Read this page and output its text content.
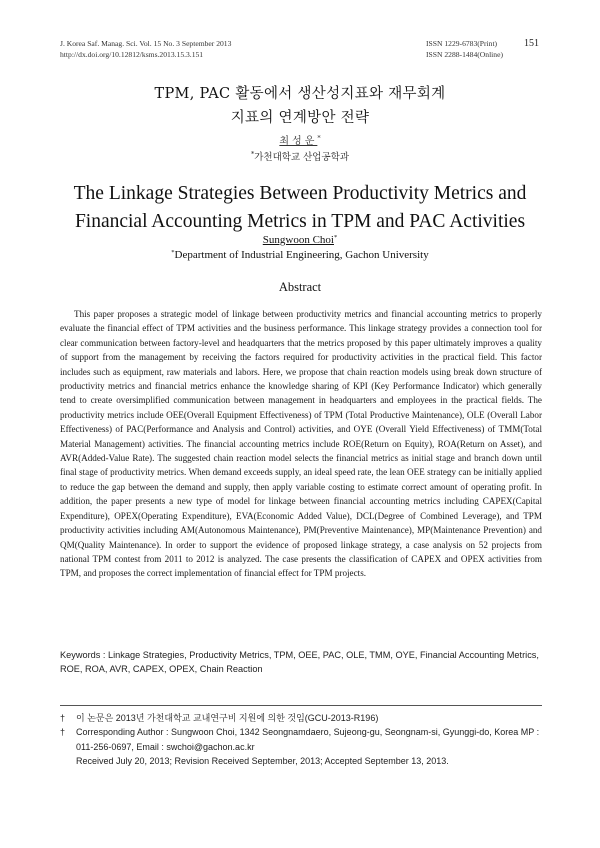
J. Korea Saf. Manag. Sci. Vol. 15 No. 3 September 2013
http://dx.doi.org/10.12812/ksms.2013.15.3.151
ISSN 1229-6783(Print)
ISSN 2288-1484(Online)
151
TPM, PAC 활동에서 생산성지표와 재무회계
지표의 연계방안 전략
최성운*
*가천대학교 산업공학과
The Linkage Strategies Between Productivity Metrics and
Financial Accounting Metrics in TPM and PAC Activities
Sungwoon Choi*
*Department of Industrial Engineering, Gachon University
Abstract

This paper proposes a strategic model of linkage between productivity metrics and financial accounting metrics to properly evaluate the financial effect of TPM activities and the business performance. This linkage strategy provides a connection tool for clear communication between factory-level and headquarters that the metrics proposed by this paper ultimately improves a quality of support from the management by receiving the factors required for productivity activities in the practical field. This factor includes such as equipment, raw materials and labors. Here, we propose that chain reaction models using break down structure of productivity metrics and financial metrics enhance the knowledge sharing of KPI (Key Performance Indicator) which generally tend to create oversimplified communication between management in headquarters and employees in the practical fields. The productivity metrics include OEE(Overall Equipment Effectiveness) of TPM (Total Productive Maintenance), OLE (Overall Labor Effectiveness) of PAC(Performance and Analysis and Control) activities, and OYE (Overall Yield Effectiveness) of TMM(Total Material Management) activities. The financial accounting metrics include ROE(Return on Equity), ROA(Return on Asset), and AVR(Added-Value Rate). The suggested chain reaction model selects the financial metrics as initial stage and branch down until final stage of productivity metrics. When demand exceeds supply, an ideal speed rate, the lean OEE strategy can be initially applied to reduce the gap between the demand and supply, then apply variable costing to estimate correct amount of operating profit. In addition, the paper presents a new type of model for linkage between financial accounting metrics including CAPEX(Capital Expenditure), OPEX(Operating Expenditure), EVA(Economic Added Value), DCL(Degree of Combined Leverage), and TPM productivity activities including AM(Autonomous Maintenance), PM(Preventive Maintenance), MP(Maintenance Prevention) and QM(Quality Maintenance). In order to support the evidence of proposed linkage strategy, a case analysis on 52 projects from national TPM contest from 2011 to 2012 is analyzed. The case presents the classification of CAPEX and OPEX activities from TPM, and proposes the correct implementation of financial effect for TPM projects.

Keywords : Linkage Strategies, Productivity Metrics, TPM, OEE, PAC, OLE, TMM, OYE, Financial Accounting Metrics, ROE, ROA, AVR, CAPEX, OPEX, Chain Reaction

† 이 논문은 2013년 가천대학교 교내연구비 지원에 의한 것임(GCU-2013-R196)
† Corresponding Author : Sungwoon Choi, 1342 Seongnamdaero, Sujeong-gu, Seongnam-si, Gyunggi-do, Korea MP : 011-256-0697, Email : swchoi@gachon.ac.kr
Received July 20, 2013; Revision Received September, 2013; Accepted September 13, 2013.
